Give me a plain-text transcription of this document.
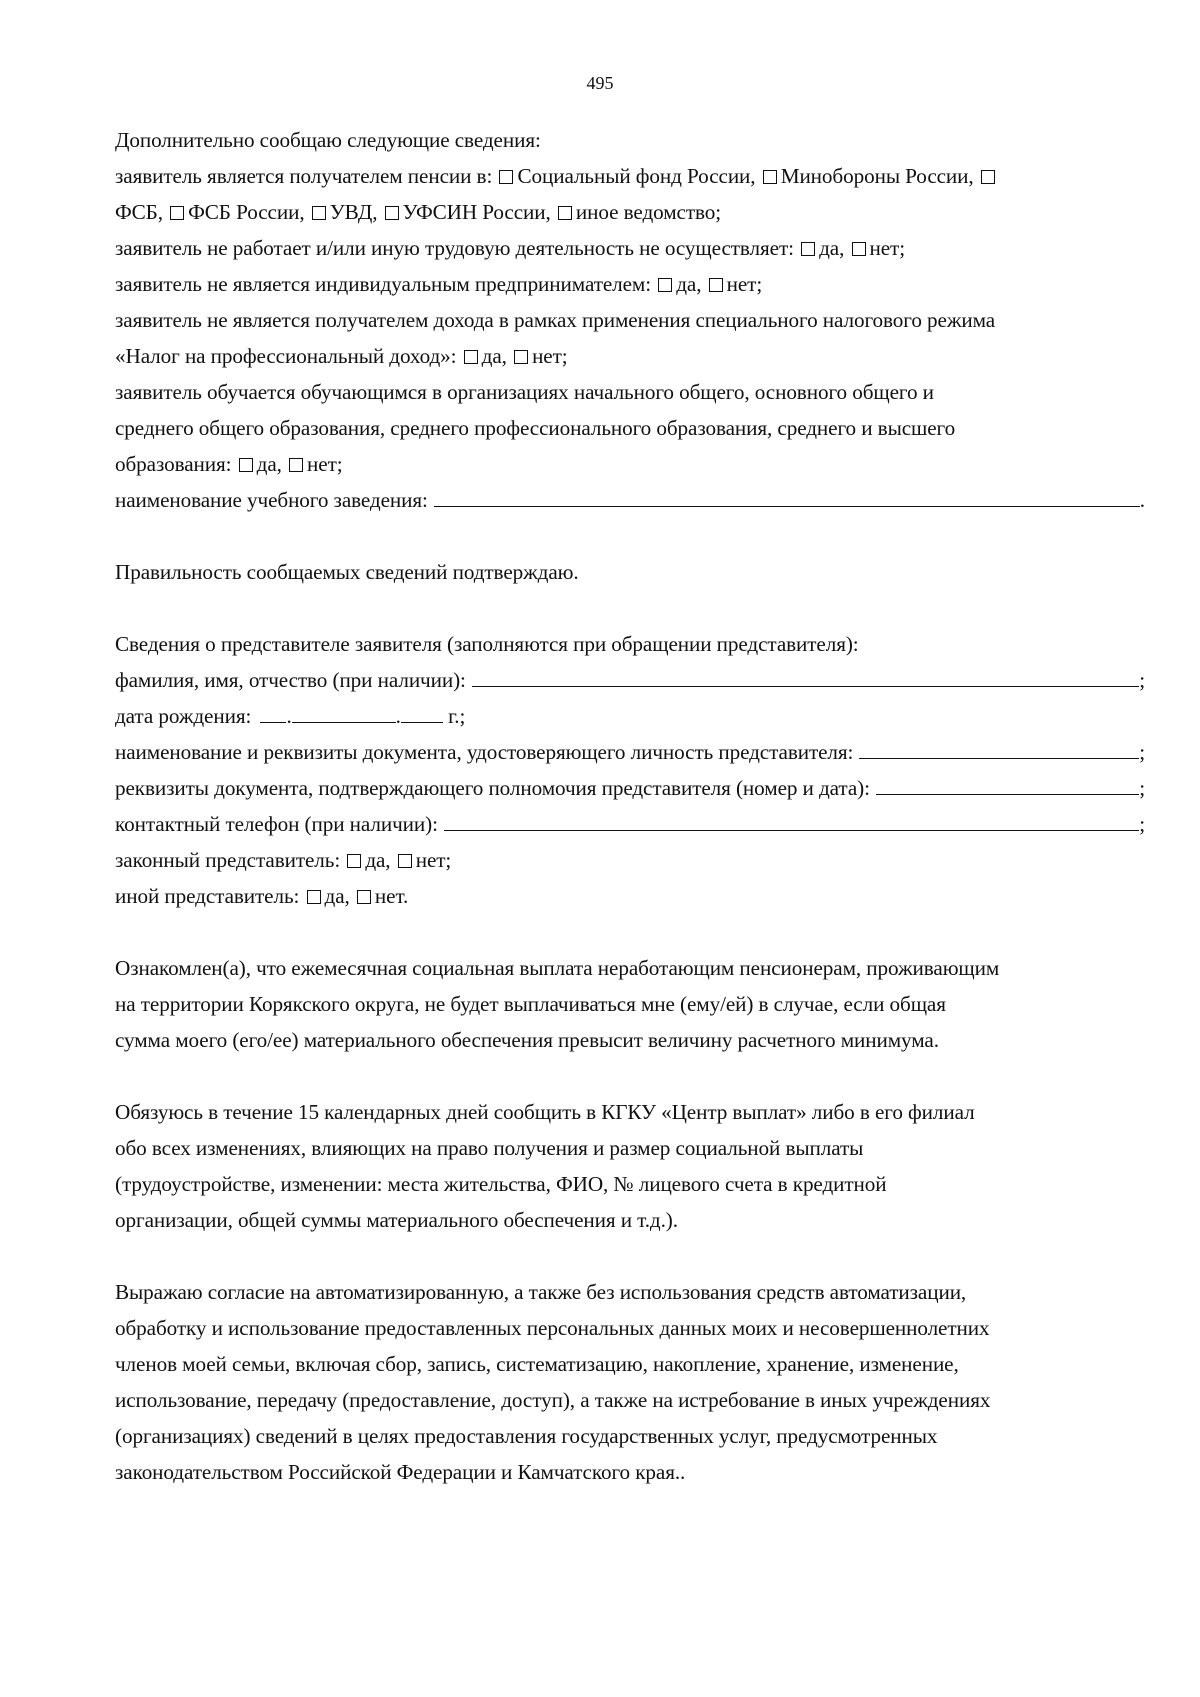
495
Дополнительно сообщаю следующие сведения:
заявитель является получателем пенсии в: Социальный фонд России, Минобороны России,
ФСБ, ФСБ России, УВД, УФСИН России, иное ведомство;
заявитель не работает и/или иную трудовую деятельность не осуществляет: да, нет;
заявитель не является индивидуальным предпринимателем: да, нет;
заявитель не является получателем дохода в рамках применения специального налогового режима
«Налог на профессиональный доход»: да, нет;
заявитель обучается обучающимся в организациях начального общего, основного общего и
среднего общего образования, среднего профессионального образования, среднего и высшего
образования: да, нет;
наименование учебного заведения:	.
Правильность сообщаемых сведений подтверждаю.
Сведения о представителе заявителя (заполняются при обращении представителя):
фамилия, имя, отчество (при наличии):	;
дата рождения: .	. г.;
наименование и реквизиты документа, удостоверяющего личность представителя:	;
реквизиты документа, подтверждающего полномочия представителя (номер и дата):	;
контактный телефон (при наличии):	;
законный представитель: да, нет;
иной представитель: да, нет.
Ознакомлен(а), что ежемесячная социальная выплата неработающим пенсионерам, проживающим
на территории Корякского округа, не будет выплачиваться мне (ему/ей) в случае, если общая
сумма моего (его/ее) материального обеспечения превысит величину расчетного минимума.
Обязуюсь в течение 15 календарных дней сообщить в КГКУ «Центр выплат» либо в его филиал
обо всех изменениях, влияющих на право получения и размер социальной выплаты
(трудоустройстве, изменении: места жительства, ФИО, № лицевого счета в кредитной
организации, общей суммы материального обеспечения и т.д.).
Выражаю согласие на автоматизированную, а также без использования средств автоматизации,
обработку и использование предоставленных персональных данных моих и несовершеннолетних
членов моей семьи, включая сбор, запись, систематизацию, накопление, хранение, изменение,
использование, передачу (предоставление, доступ), а также на истребование в иных учреждениях
(организациях) сведений в целях предоставления государственных услуг, предусмотренных
законодательством Российской Федерации и Камчатского края..
